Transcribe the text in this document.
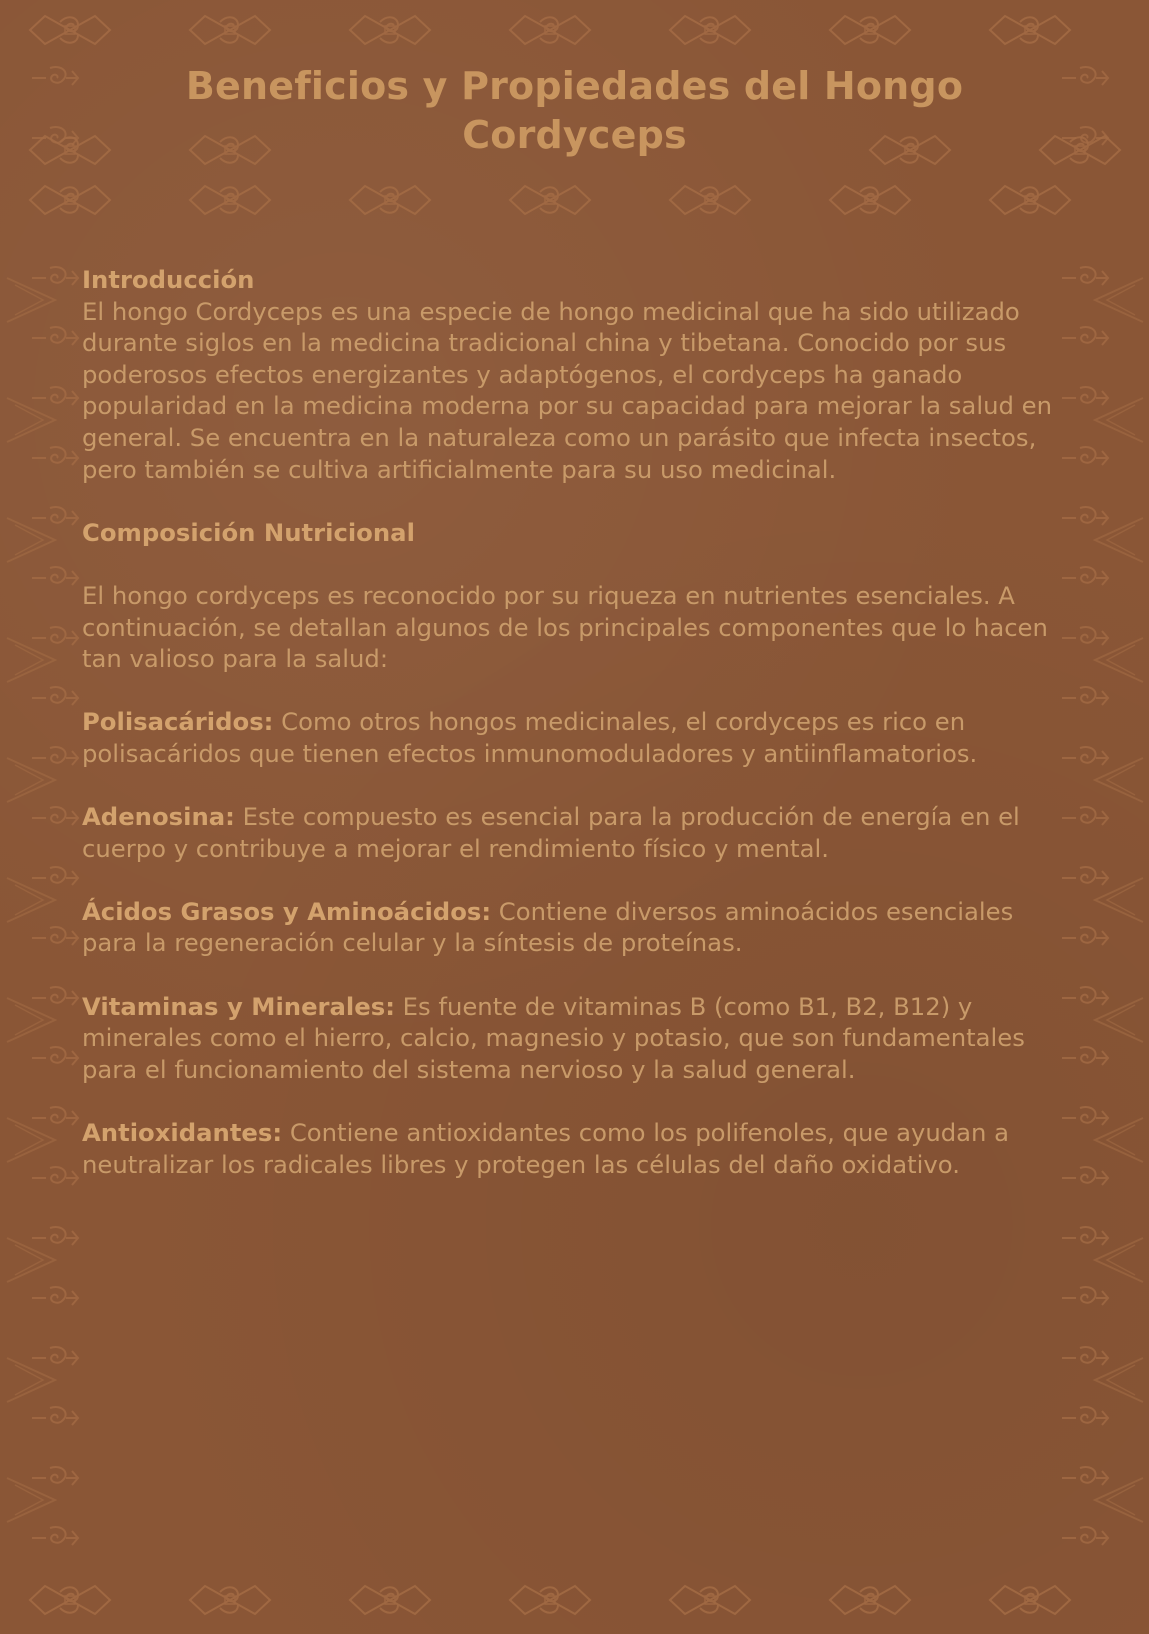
Beneficios y Propiedades del Hongo Cordyceps
Introducción

El hongo Cordyceps es una especie de hongo medicinal que ha sido utilizado durante siglos en la medicina tradicional china y tibetana. Conocido por sus poderosos efectos energizantes y adaptógenos, el cordyceps ha ganado popularidad en la medicina moderna por su capacidad para mejorar la salud en general. Se encuentra en la naturaleza como un parásito que infecta insectos, pero también se cultiva artificialmente para su uso medicinal.

Composición Nutricional

El hongo cordyceps es reconocido por su riqueza en nutrientes esenciales. A continuación, se detallan algunos de los principales componentes que lo hacen tan valioso para la salud:

Polisacáridos: Como otros hongos medicinales, el cordyceps es rico en polisacáridos que tienen efectos inmunomoduladores y antiinflamatorios.

Adenosina: Este compuesto es esencial para la producción de energía en el cuerpo y contribuye a mejorar el rendimiento físico y mental.

Ácidos Grasos y Aminoácidos: Contiene diversos aminoácidos esenciales para la regeneración celular y la síntesis de proteínas.

Vitaminas y Minerales: Es fuente de vitaminas B (como B1, B2, B12) y minerales como el hierro, calcio, magnesio y potasio, que son fundamentales para el funcionamiento del sistema nervioso y la salud general.

Antioxidantes: Contiene antioxidantes como los polifenoles, que ayudan a neutralizar los radicales libres y protegen las células del daño oxidativo.
